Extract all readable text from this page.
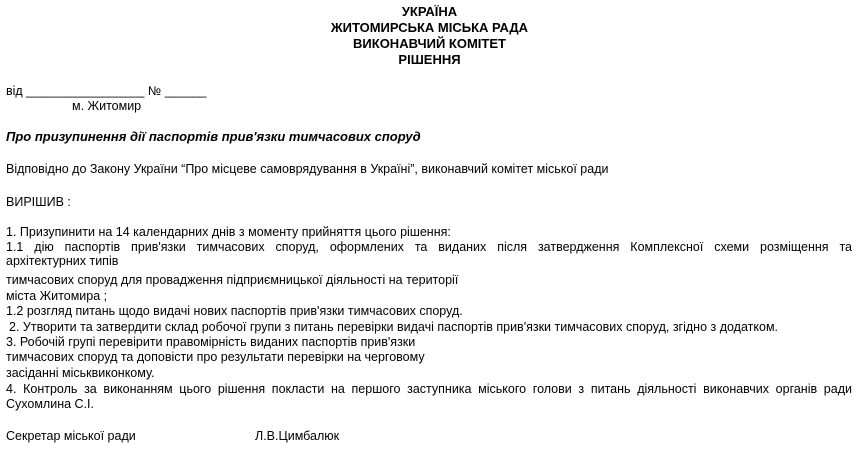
УКРАЇНА
ЖИТОМИРСЬКА МІСЬКА РАДА
ВИКОНАВЧИЙ КОМІТЕТ
РІШЕННЯ
від _________________ № ______
м. Житомир
Про призупинення дії паспортів прив'язки тимчасових споруд
Відповідно до Закону України “Про місцеве самоврядування в Україні”, виконавчий комітет міської ради
ВИРІШИВ :
1. Призупинити на 14 календарних днів з моменту прийняття цього рішення:
1.1 дію паспортів прив'язки тимчасових споруд, оформлених та виданих після затвердження Комплексної схеми розміщення та
архітектурних типів
тимчасових споруд для провадження підприємницької діяльності на території
міста Житомира ;
1.2 розгляд питань щодо видачі нових паспортів прив'язки тимчасових споруд.
2. Утворити та затвердити склад робочої групи з питань перевірки видачі паспортів прив'язки тимчасових споруд, згідно з додатком.
3. Робочій групі перевірити правомірність виданих паспортів прив'язки
тимчасових споруд та доповісти про результати перевірки на черговому
засіданні міськвиконкому.
4. Контроль за виконанням цього рішення покласти на першого заступника міського голови з питань діяльності виконавчих органів ради
Сухомлина С.І.
Секретар міської ради	Л.В.Цимбалюк
